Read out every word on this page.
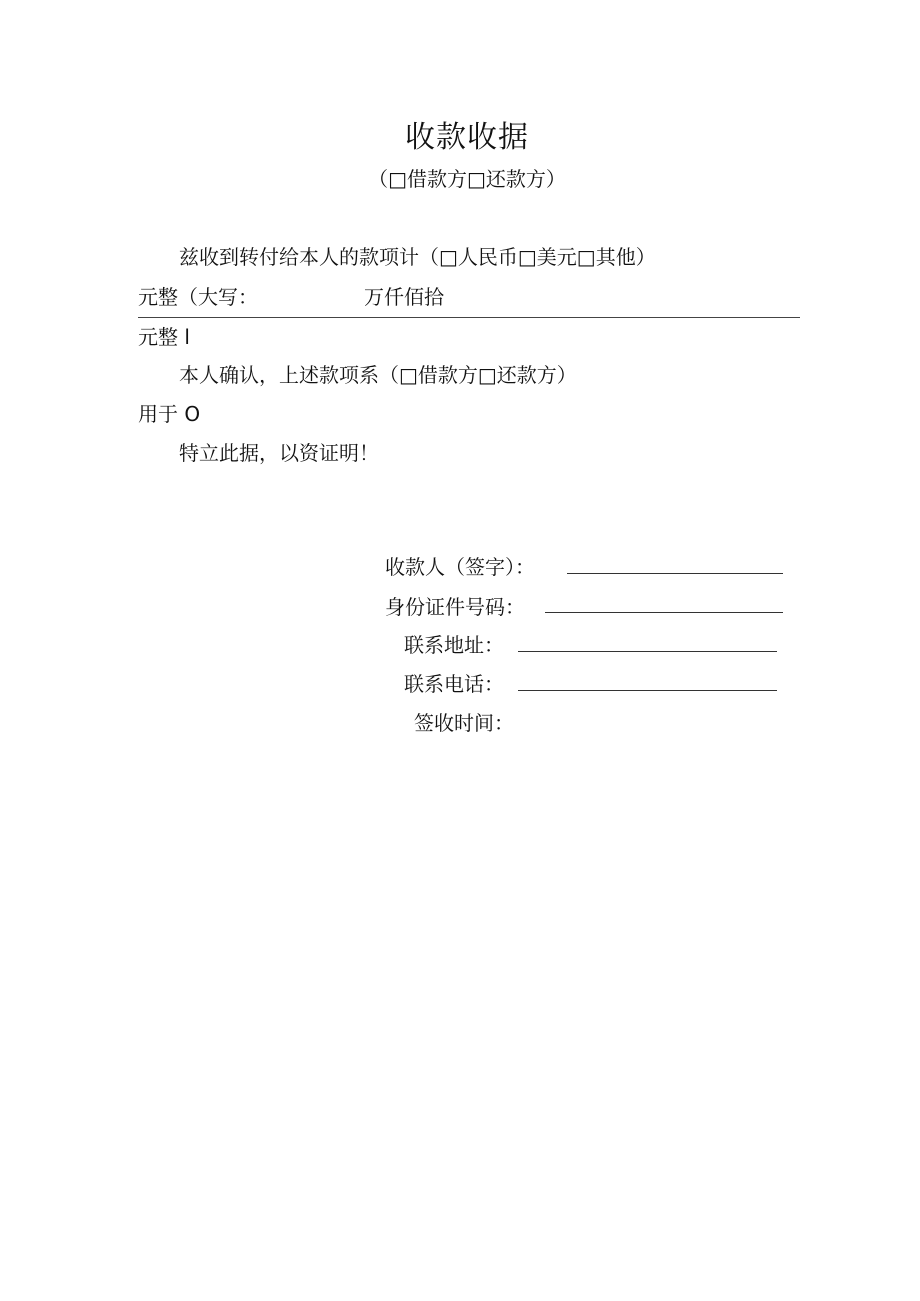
收款收据
（□借款方□还款方）
兹收到转付给本人的款项计（□人民币□美元□其他）
元整（大写：	万仟佰拾
元整 l
本人确认，上述款项系（□借款方□还款方）
用于 O
特立此据，以资证明！
收款人（签字）：
身份证件号码：
联系地址：
联系电话：
签收时间：
